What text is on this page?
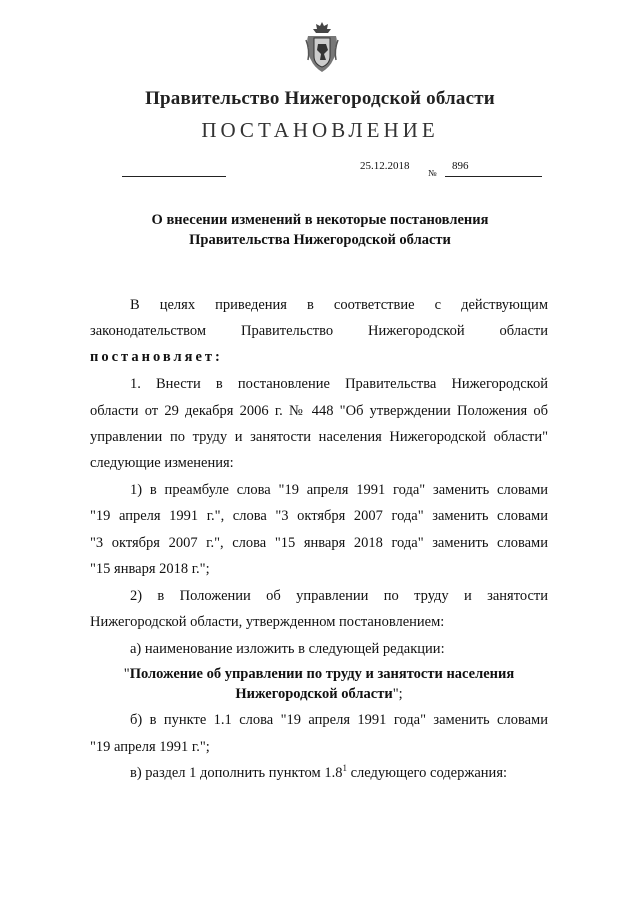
Правительство Нижегородской области
ПОСТАНОВЛЕНИЕ
25.12.2018
№
896
О внесении изменений в некоторые постановления
Правительства Нижегородской области
В целях приведения в соответствие с действующим
законодательством Правительство Нижегородской области
постановляет:
1. Внести в постановление Правительства Нижегородской
области от 29 декабря 2006 г. № 448 "Об утверждении Положения об
управлении по труду и занятости населения Нижегородской области"
следующие изменения:
1) в преамбуле слова "19 апреля 1991 года" заменить словами
"19 апреля 1991 г.", слова "3 октября 2007 года" заменить словами
"3 октября 2007 г.", слова "15 января 2018 года" заменить словами
"15 января 2018 г.";
2) в Положении об управлении по труду и занятости
Нижегородской области, утвержденном постановлением:
а) наименование изложить в следующей редакции:
"Положение об управлении по труду и занятости населения
Нижегородской области";
б) в пункте 1.1 слова "19 апреля 1991 года" заменить словами
"19 апреля 1991 г.";
в) раздел 1 дополнить пунктом $1.8^1$ следующего содержания:
